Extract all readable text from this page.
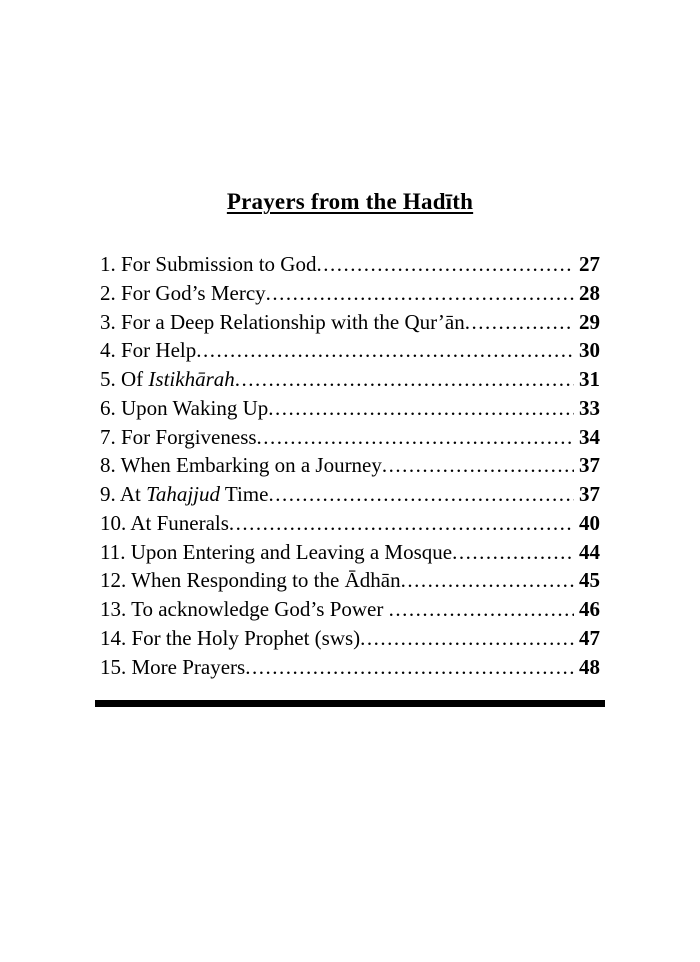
Prayers from the Hadīth
1. For Submission to God .....	27
2. For God’s Mercy .....	28
3. For a Deep Relationship with the Qur’ān .....	29
4. For Help .....	30
5. Of Istikhārah .....	31
6. Upon Waking Up .....	33
7. For Forgiveness .....	34
8. When Embarking on a Journey .....	37
9. At Tahajjud Time .....	37
10. At Funerals .....	40
11. Upon Entering and Leaving a Mosque .....	44
12. When Responding to the Ādhān .....	45
13. To acknowledge God’s Power .....	46
14. For the Holy Prophet (sws) .....	47
15. More Prayers .....	48
